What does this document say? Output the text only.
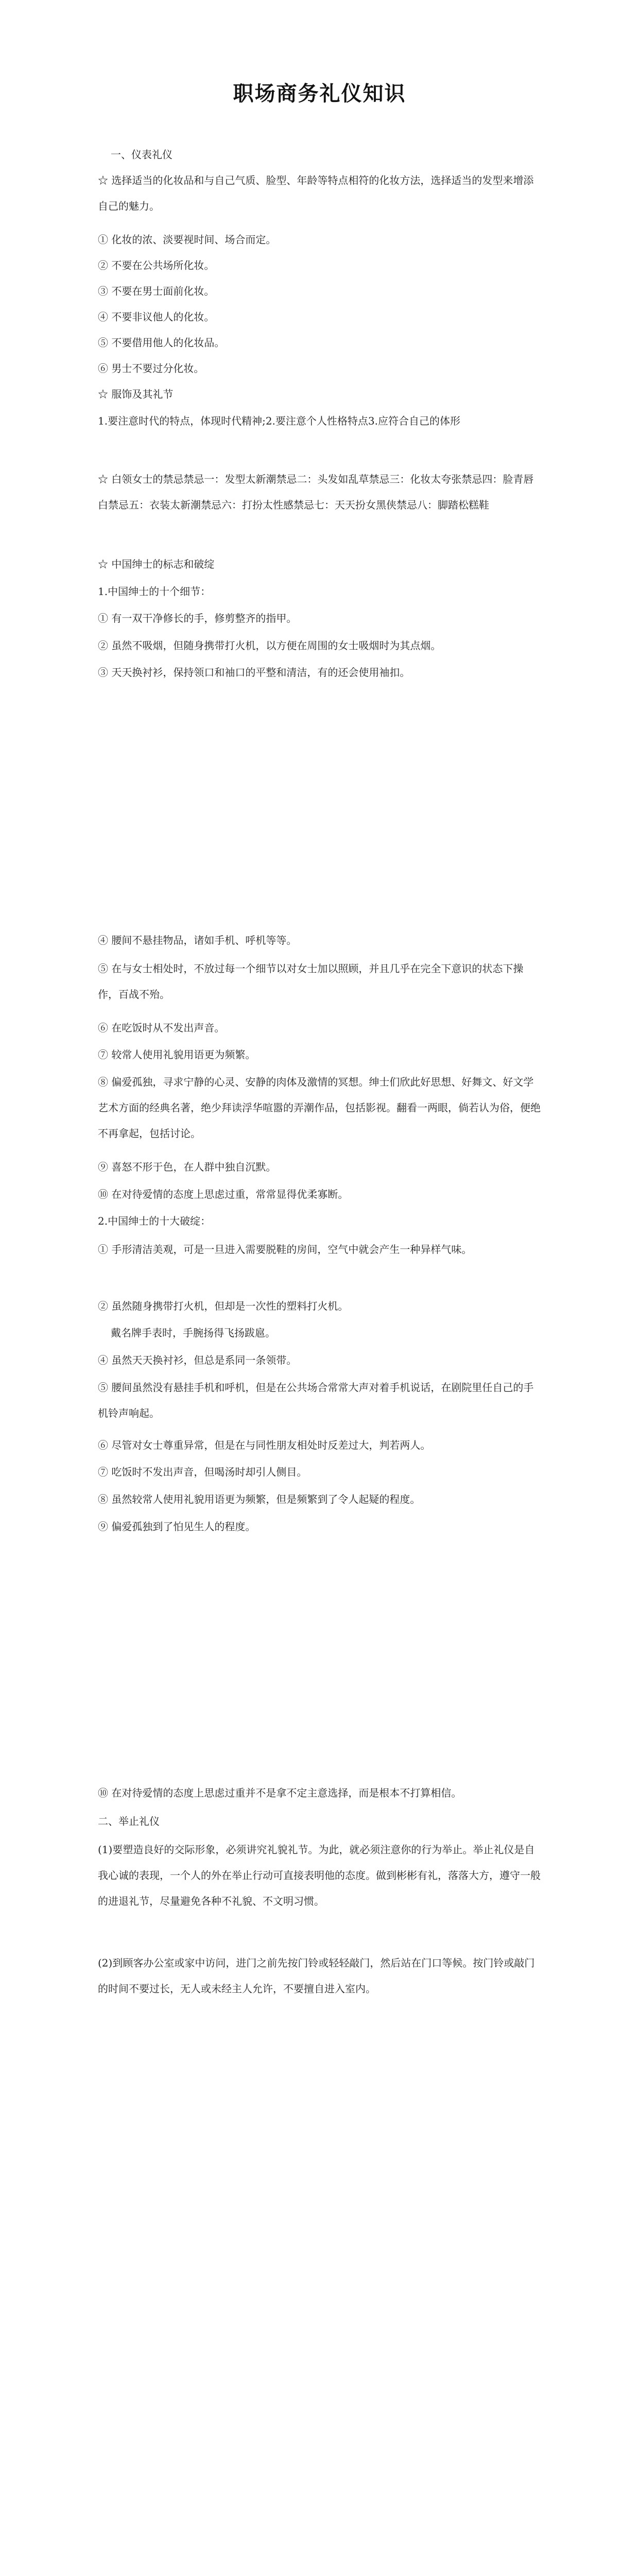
职场商务礼仪知识

一、仪表礼仪

☆ 选择适当的化妆品和与自己气质、脸型、年龄等特点相符的化妆方法，选择适当的发型来增添自己的魅力。

① 化妆的浓、淡要视时间、场合而定。

② 不要在公共场所化妆。

③ 不要在男士面前化妆。

④ 不要非议他人的化妆。

⑤ 不要借用他人的化妆品。

⑥ 男士不要过分化妆。

☆ 服饰及其礼节

1.要注意时代的特点，体现时代精神;2.要注意个人性格特点3.应符合自己的体形

☆ 白领女士的禁忌禁忌一：发型太新潮禁忌二：头发如乱草禁忌三：化妆太夸张禁忌四：脸青唇白禁忌五：衣装太新潮禁忌六：打扮太性感禁忌七：天天扮女黑侠禁忌八：脚踏松糕鞋

☆ 中国绅士的标志和破绽

1.中国绅士的十个细节：

① 有一双干净修长的手，修剪整齐的指甲。

② 虽然不吸烟，但随身携带打火机，以方便在周围的女士吸烟时为其点烟。

③ 天天换衬衫，保持领口和袖口的平整和清洁，有的还会使用袖扣。

④ 腰间不悬挂物品，诸如手机、呼机等等。

⑤ 在与女士相处时，不放过每一个细节以对女士加以照顾，并且几乎在完全下意识的状态下操作，百战不殆。

⑥ 在吃饭时从不发出声音。

⑦ 较常人使用礼貌用语更为频繁。

⑧ 偏爱孤独，寻求宁静的心灵、安静的肉体及激情的冥想。绅士们欣此好思想、好舞文、好文学艺术方面的经典名著，绝少拜读浮华喧嚣的弄潮作品，包括影视。翻看一两眼，倘若认为俗，便绝不再拿起，包括讨论。

⑨ 喜怒不形于色，在人群中独自沉默。

⑩ 在对待爱情的态度上思虑过重，常常显得优柔寡断。

2.中国绅士的十大破绽：

① 手形清洁美观，可是一旦进入需要脱鞋的房间，空气中就会产生一种异样气味。

② 虽然随身携带打火机，但却是一次性的塑料打火机。

戴名牌手表时，手腕扬得飞扬跋扈。

④ 虽然天天换衬衫，但总是系同一条领带。

⑤ 腰间虽然没有悬挂手机和呼机，但是在公共场合常常大声对着手机说话，在剧院里任自己的手机铃声响起。

⑥ 尽管对女士尊重异常，但是在与同性朋友相处时反差过大，判若两人。

⑦ 吃饭时不发出声音，但喝汤时却引人侧目。

⑧ 虽然较常人使用礼貌用语更为频繁，但是频繁到了令人起疑的程度。

⑨ 偏爱孤独到了怕见生人的程度。

⑩ 在对待爱情的态度上思虑过重并不是拿不定主意选择，而是根本不打算相信。

二、举止礼仪

(1)要塑造良好的交际形象，必须讲究礼貌礼节。为此，就必须注意你的行为举止。举止礼仪是自我心诚的表现，一个人的外在举止行动可直接表明他的态度。做到彬彬有礼，落落大方，遵守一般的进退礼节，尽量避免各种不礼貌、不文明习惯。

(2)到顾客办公室或家中访问，进门之前先按门铃或轻轻敲门，然后站在门口等候。按门铃或敲门的时间不要过长，无人或未经主人允许，不要擅自进入室内。
